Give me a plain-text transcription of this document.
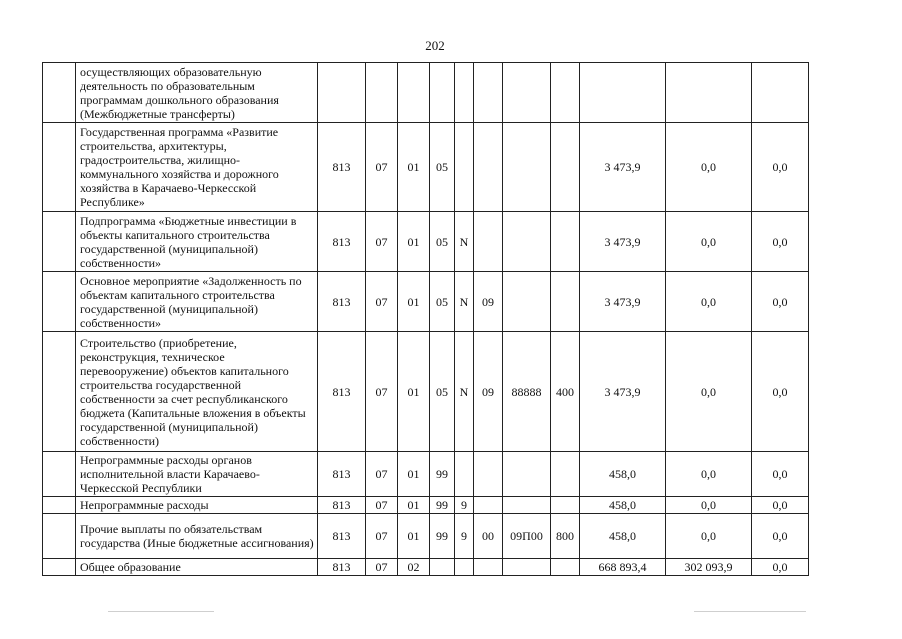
202
	осуществляющих образовательную деятельность по образовательным программам дошкольного образования (Межбюджетные трансферты)											
	Государственная программа «Развитие строительства, архитектуры, градостроительства, жилищно-коммунального хозяйства и дорожного хозяйства в Карачаево-Черкесской Республике»	813	07	01	05					3 473,9	0,0	0,0
	Подпрограмма «Бюджетные инвестиции в объекты капитального строительства государственной (муниципальной) собственности»	813	07	01	05	N				3 473,9	0,0	0,0
	Основное мероприятие «Задолженность по объектам капитального строительства государственной (муниципальной) собственности»	813	07	01	05	N	09			3 473,9	0,0	0,0
	Строительство (приобретение, реконструкция, техническое перевооружение) объектов капитального строительства государственной собственности за счет республиканского бюджета (Капитальные вложения в объекты государственной (муниципальной) собственности)	813	07	01	05	N	09	88888	400	3 473,9	0,0	0,0
	Непрограммные расходы органов исполнительной власти Карачаево-Черкесской Республики	813	07	01	99					458,0	0,0	0,0
	Непрограммные расходы	813	07	01	99	9				458,0	0,0	0,0
	Прочие выплаты по обязательствам государства (Иные бюджетные ассигнования)	813	07	01	99	9	00	09П00	800	458,0	0,0	0,0
	Общее образование	813	07	02						668 893,4	302 093,9	0,0
